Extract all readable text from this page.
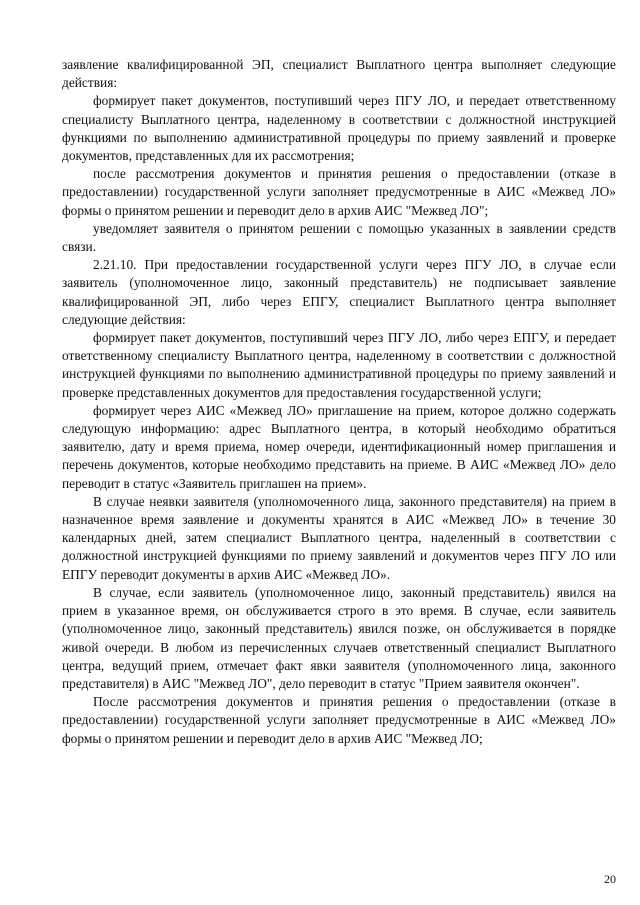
заявление квалифицированной ЭП, специалист Выплатного центра выполняет следующие действия:

формирует пакет документов, поступивший через ПГУ ЛО, и передает ответственному специалисту Выплатного центра, наделенному в соответствии с должностной инструкцией функциями по выполнению административной процедуры по приему заявлений и проверке документов, представленных для их рассмотрения;

после рассмотрения документов и принятия решения о предоставлении (отказе в предоставлении) государственной услуги заполняет предусмотренные в АИС «Межвед ЛО» формы о принятом решении и переводит дело в архив АИС "Межвед ЛО";

уведомляет заявителя о принятом решении с помощью указанных в заявлении средств связи.

2.21.10. При предоставлении государственной услуги через ПГУ ЛО, в случае если заявитель (уполномоченное лицо, законный представитель) не подписывает заявление квалифицированной ЭП, либо через ЕПГУ, специалист Выплатного центра выполняет следующие действия:

формирует пакет документов, поступивший через ПГУ ЛО, либо через ЕПГУ, и передает ответственному специалисту Выплатного центра, наделенному в соответствии с должностной инструкцией функциями по выполнению административной процедуры по приему заявлений и проверке представленных документов для предоставления государственной услуги;

формирует через АИС «Межвед ЛО» приглашение на прием, которое должно содержать следующую информацию: адрес Выплатного центра, в который необходимо обратиться заявителю, дату и время приема, номер очереди, идентификационный номер приглашения и перечень документов, которые необходимо представить на приеме. В АИС «Межвед ЛО» дело переводит в статус «Заявитель приглашен на прием».

В случае неявки заявителя (уполномоченного лица, законного представителя) на прием в назначенное время заявление и документы хранятся в АИС «Межвед ЛО» в течение 30 календарных дней, затем специалист Выплатного центра, наделенный в соответствии с должностной инструкцией функциями по приему заявлений и документов через ПГУ ЛО или ЕПГУ переводит документы в архив АИС «Межвед ЛО».

В случае, если заявитель (уполномоченное лицо, законный представитель) явился на прием в указанное время, он обслуживается строго в это время. В случае, если заявитель (уполномоченное лицо, законный представитель) явился позже, он обслуживается в порядке живой очереди. В любом из перечисленных случаев ответственный специалист Выплатного центра, ведущий прием, отмечает факт явки заявителя (уполномоченного лица, законного представителя) в АИС "Межвед ЛО", дело переводит в статус "Прием заявителя окончен".

После рассмотрения документов и принятия решения о предоставлении (отказе в предоставлении) государственной услуги заполняет предусмотренные в АИС «Межвед ЛО» формы о принятом решении и переводит дело в архив АИС "Межвед ЛО;

20
